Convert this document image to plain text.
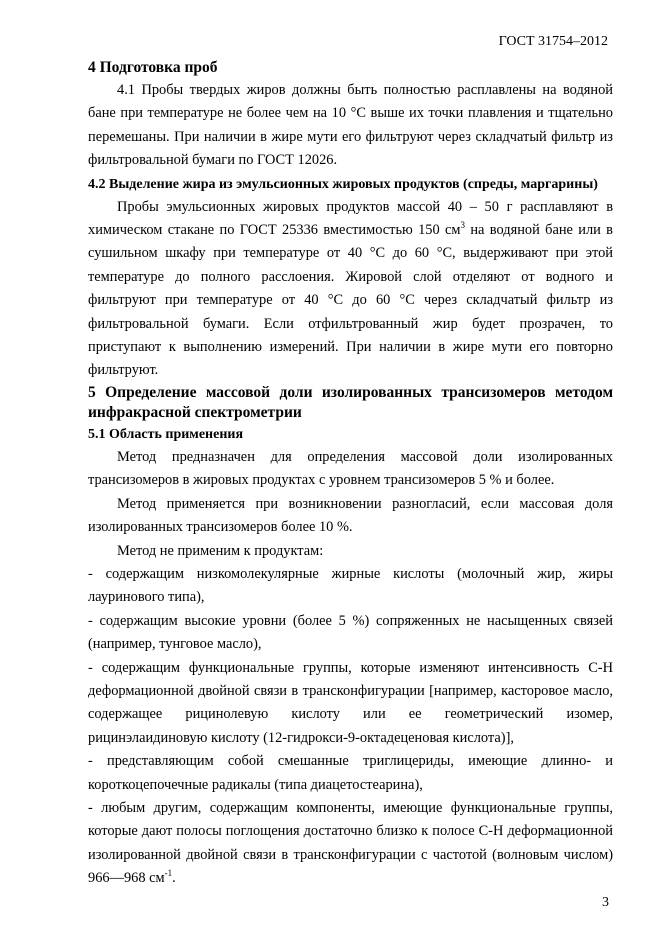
ГОСТ 31754–2012
4 Подготовка проб

4.1 Пробы твердых жиров должны быть полностью расплавлены на водяной бане при температуре не более чем на 10 °С выше их точки плавления и тщательно перемешаны. При наличии в жире мути его фильтруют через складчатый фильтр из фильтровальной бумаги по ГОСТ 12026.

4.2 Выделение жира из эмульсионных жировых продуктов (спреды, маргарины)

Пробы эмульсионных жировых продуктов массой 40 – 50 г расплавляют в химическом стакане по ГОСТ 25336 вместимостью 150 $см^3$ на водяной бане или в сушильном шкафу при температуре от 40 °С до 60 °С, выдерживают при этой температуре до полного расслоения. Жировой слой отделяют от водного и фильтруют при температуре от 40 °С до 60 °С через складчатый фильтр из фильтровальной бумаги. Если отфильтрованный жир будет прозрачен, то приступают к выполнению измерений. При наличии в жире мути его повторно фильтруют.

5 Определение массовой доли изолированных трансизомеров методом инфракрасной спектрометрии

5.1 Область применения

Метод предназначен для определения массовой доли изолированных трансизомеров в жировых продуктах с уровнем трансизомеров 5 % и более.

Метод применяется при возникновении разногласий, если массовая доля изолированных трансизомеров более 10 %.

Метод не применим к продуктам:

- содержащим низкомолекулярные жирные кислоты (молочный жир, жиры лауринового типа),

- содержащим высокие уровни (более 5 %) сопряженных не насыщенных связей (например, тунговое масло),

- содержащим функциональные группы, которые изменяют интенсивность С-Н деформационной двойной связи в трансконфигурации [например, касторовое масло, содержащее рицинолевую кислоту или ее геометрический изомер, рицинэлаидиновую кислоту (12-гидрокси-9-октадеценовая кислота)],

- представляющим собой смешанные триглицериды, имеющие длинно- и короткоцепочечные радикалы (типа диацетостеарина),

- любым другим, содержащим компоненты, имеющие функциональные группы, которые дают полосы поглощения достаточно близко к полосе С-Н деформационной изолированной двойной связи в трансконфигурации с частотой (волновым числом) 966—968 $см^{-1}$.

3
